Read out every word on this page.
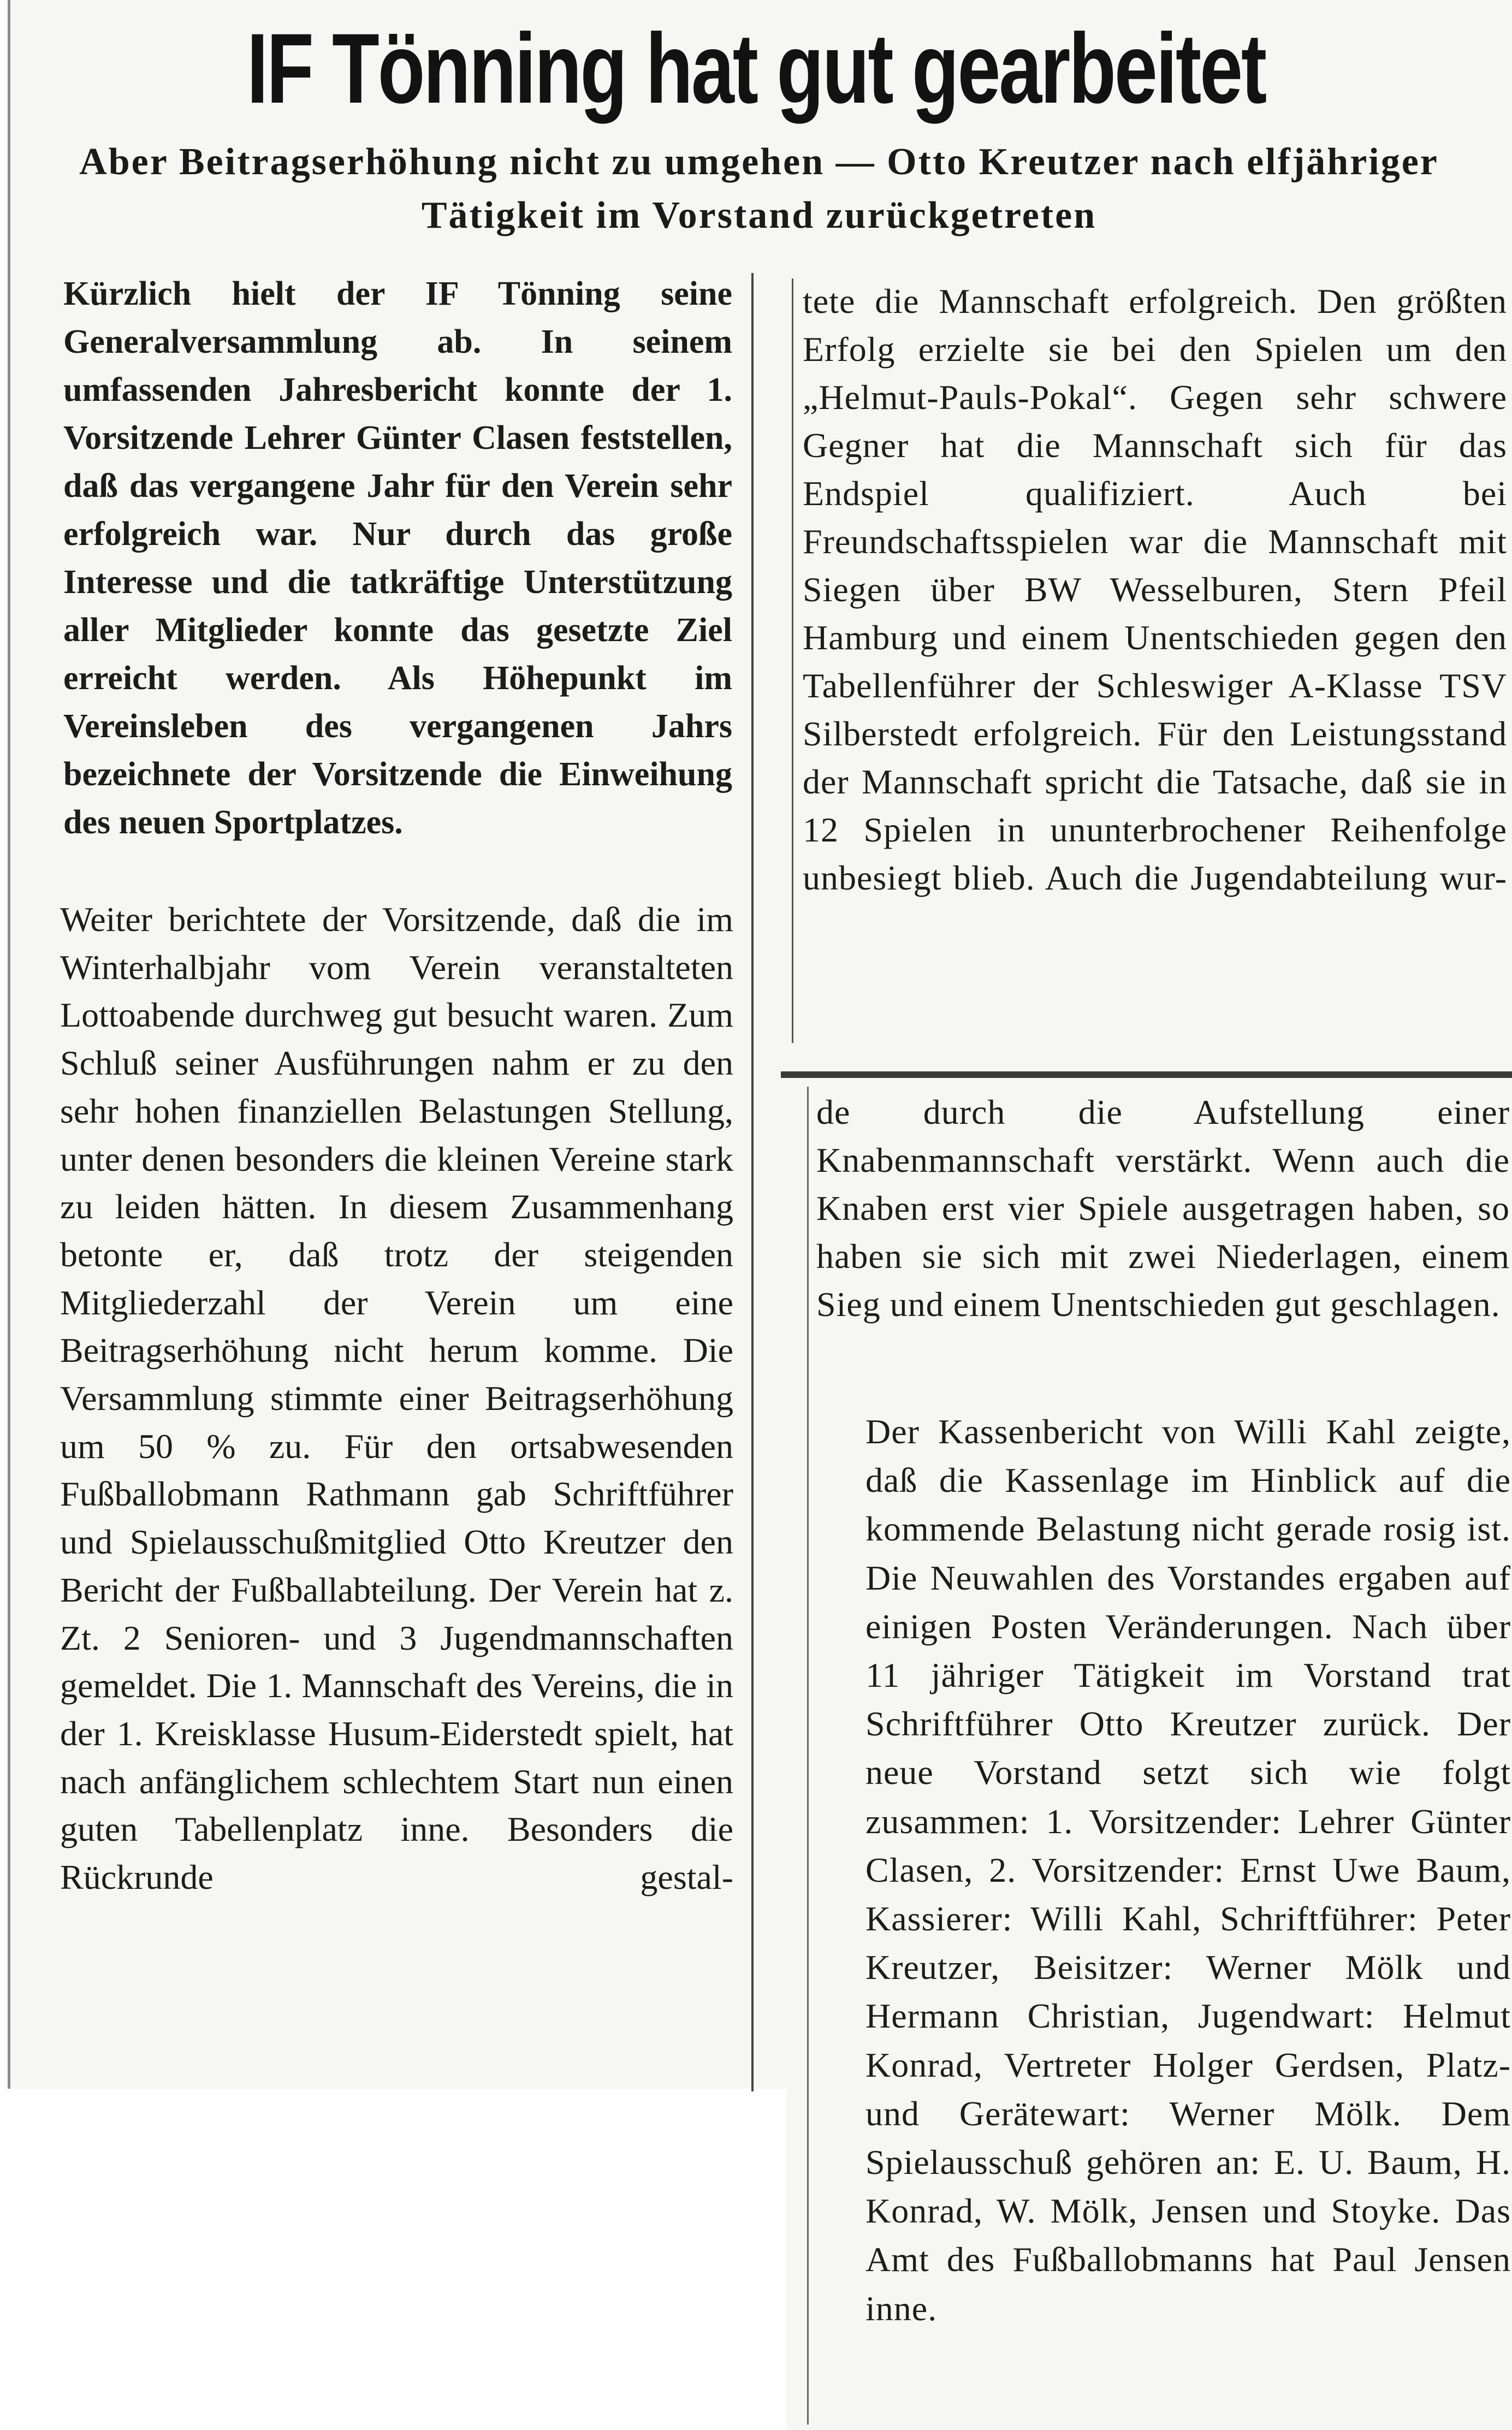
IF Tönning hat gut gearbeitet
Aber Beitragserhöhung nicht zu umgehen — Otto Kreutzer nach elfjähriger Tätigkeit im Vorstand zurückgetreten

Kürzlich hielt der IF Tönning seine Generalversammlung ab. In seinem umfassenden Jahresbericht konnte der 1. Vorsitzende Lehrer Günter Clasen feststellen, daß das vergangene Jahr für den Verein sehr erfolgreich war. Nur durch das große Interesse und die tatkräftige Unterstützung aller Mitglieder konnte das gesetzte Ziel erreicht werden. Als Höhepunkt im Vereinsleben des vergangenen Jahrs bezeichnete der Vorsitzende die Einweihung des neuen Sportplatzes.

Weiter berichtete der Vorsitzende, daß die im Winterhalbjahr vom Verein veranstalteten Lottoabende durchweg gut besucht waren. Zum Schluß seiner Ausführungen nahm er zu den sehr hohen finanziellen Belastungen Stellung, unter denen besonders die kleinen Vereine stark zu leiden hätten. In diesem Zusammenhang betonte er, daß trotz der steigenden Mitgliederzahl der Verein um eine Beitragserhöhung nicht herum komme. Die Versammlung stimmte einer Beitragserhöhung um 50 % zu. Für den ortsabwesenden Fußballobmann Rathmann gab Schriftführer und Spielausschußmitglied Otto Kreutzer den Bericht der Fußballabteilung. Der Verein hat z. Zt. 2 Senioren- und 3 Jugendmannschaften gemeldet. Die 1. Mannschaft des Vereins, die in der 1. Kreisklasse Husum-Eiderstedt spielt, hat nach anfänglichem schlechtem Start nun einen guten Tabellenplatz inne. Besonders die Rückrunde gestal-

tete die Mannschaft erfolgreich. Den größten Erfolg erzielte sie bei den Spielen um den „Helmut-Pauls-Pokal“. Gegen sehr schwere Gegner hat die Mannschaft sich für das Endspiel qualifiziert. Auch bei Freundschaftsspielen war die Mannschaft mit Siegen über BW Wesselburen, Stern Pfeil Hamburg und einem Unentschieden gegen den Tabellenführer der Schleswiger A-Klasse TSV Silberstedt erfolgreich. Für den Leistungsstand der Mannschaft spricht die Tatsache, daß sie in 12 Spielen in ununterbrochener Reihenfolge unbesiegt blieb. Auch die Jugendabteilung wur-

de durch die Aufstellung einer Knabenmannschaft verstärkt. Wenn auch die Knaben erst vier Spiele ausgetragen haben, so haben sie sich mit zwei Niederlagen, einem Sieg und einem Unentschieden gut geschlagen.

Der Kassenbericht von Willi Kahl zeigte, daß die Kassenlage im Hinblick auf die kommende Belastung nicht gerade rosig ist. Die Neuwahlen des Vorstandes ergaben auf einigen Posten Veränderungen. Nach über 11 jähriger Tätigkeit im Vorstand trat Schriftführer Otto Kreutzer zurück. Der neue Vorstand setzt sich wie folgt zusammen: 1. Vorsitzender: Lehrer Günter Clasen, 2. Vorsitzender: Ernst Uwe Baum, Kassierer: Willi Kahl, Schriftführer: Peter Kreutzer, Beisitzer: Werner Mölk und Hermann Christian, Jugendwart: Helmut Konrad, Vertreter Holger Gerdsen, Platz- und Gerätewart: Werner Mölk. Dem Spielausschuß gehören an: E. U. Baum, H. Konrad, W. Mölk, Jensen und Stoyke. Das Amt des Fußballobmanns hat Paul Jensen inne.
